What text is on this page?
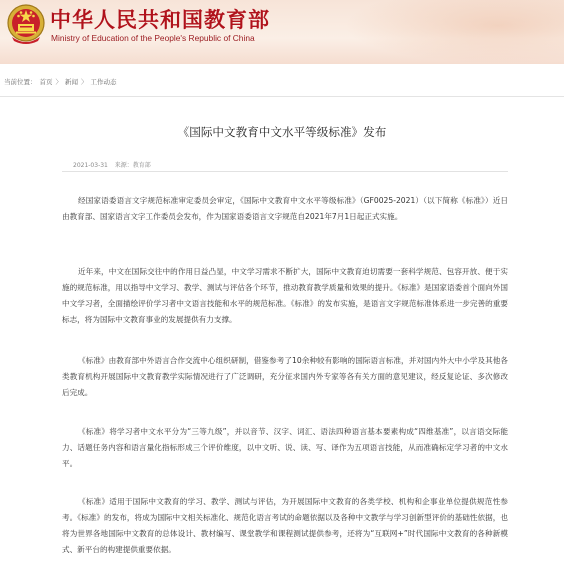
中华人民共和国教育部
Ministry of Education of the People's Republic of China
当前位置： 首页 〉 新闻 〉 工作动态
《国际中文教育中文水平等级标准》发布
2021-03-31 来源：教育部

经国家语委语言文字规范标准审定委员会审定，《国际中文教育中文水平等级标准》（GF0025-2021）（以下简称《标准》）近日由教育部、国家语言文字工作委员会发布，作为国家语委语言文字规范自2021年7月1日起正式实施。

近年来，中文在国际交往中的作用日益凸显，中文学习需求不断扩大，国际中文教育迫切需要一套科学规范、包容开放、便于实施的规范标准，用以指导中文学习、教学、测试与评估各个环节，推动教育教学质量和效果的提升。《标准》是国家语委首个面向外国中文学习者，全面描绘评价学习者中文语言技能和水平的规范标准。《标准》的发布实施，是语言文字规范标准体系进一步完善的重要标志，将为国际中文教育事业的发展提供有力支撑。

《标准》由教育部中外语言合作交流中心组织研制，借鉴参考了10余种较有影响的国际语言标准，并对国内外大中小学及其他各类教育机构开展国际中文教育教学实际情况进行了广泛调研，充分征求国内外专家等各有关方面的意见建议，经反复论证、多次修改后完成。

《标准》将学习者中文水平分为“三等九级”，并以音节、汉字、词汇、语法四种语言基本要素构成“四维基准”，以言语交际能力、话题任务内容和语言量化指标形成三个评价维度，以中文听、说、读、写、译作为五项语言技能，从而准确标定学习者的中文水平。

《标准》适用于国际中文教育的学习、教学、测试与评估，为开展国际中文教育的各类学校、机构和企事业单位提供规范性参考。《标准》的发布，将成为国际中文相关标准化、规范化语言考试的命题依据以及各种中文教学与学习创新型评价的基础性依据，也将为世界各地国际中文教育的总体设计、教材编写、课堂教学和课程测试提供参考，还将为“互联网+”时代国际中文教育的各种新模式、新平台的构建提供重要依据。
